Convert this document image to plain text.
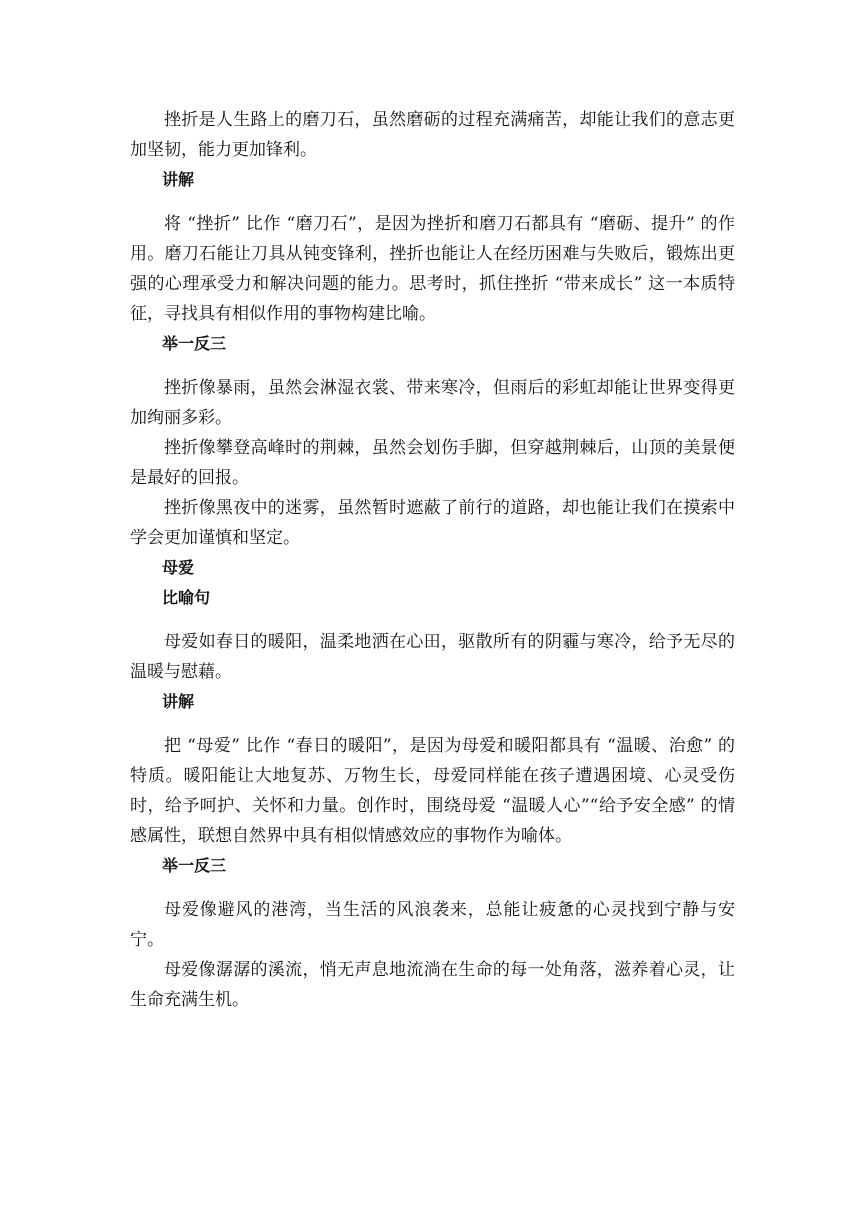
挫折是人生路上的磨刀石，虽然磨砺的过程充满痛苦，却能让我们的意志更加坚韧，能力更加锋利。

讲解

将 “挫折” 比作 “磨刀石”，是因为挫折和磨刀石都具有 “磨砺、提升” 的作用。磨刀石能让刀具从钝变锋利，挫折也能让人在经历困难与失败后，锻炼出更强的心理承受力和解决问题的能力。思考时，抓住挫折 “带来成长” 这一本质特征，寻找具有相似作用的事物构建比喻。

举一反三

挫折像暴雨，虽然会淋湿衣裳、带来寒冷，但雨后的彩虹却能让世界变得更加绚丽多彩。

挫折像攀登高峰时的荆棘，虽然会划伤手脚，但穿越荆棘后，山顶的美景便是最好的回报。

挫折像黑夜中的迷雾，虽然暂时遮蔽了前行的道路，却也能让我们在摸索中学会更加谨慎和坚定。

母爱
比喻句

母爱如春日的暖阳，温柔地洒在心田，驱散所有的阴霾与寒冷，给予无尽的温暖与慰藉。

讲解

把 “母爱” 比作 “春日的暖阳”，是因为母爱和暖阳都具有 “温暖、治愈” 的特质。暖阳能让大地复苏、万物生长，母爱同样能在孩子遭遇困境、心灵受伤时，给予呵护、关怀和力量。创作时，围绕母爱 “温暖人心”“给予安全感” 的情感属性，联想自然界中具有相似情感效应的事物作为喻体。

举一反三

母爱像避风的港湾，当生活的风浪袭来，总能让疲惫的心灵找到宁静与安宁。

母爱像潺潺的溪流，悄无声息地流淌在生命的每一处角落，滋养着心灵，让生命充满生机。
